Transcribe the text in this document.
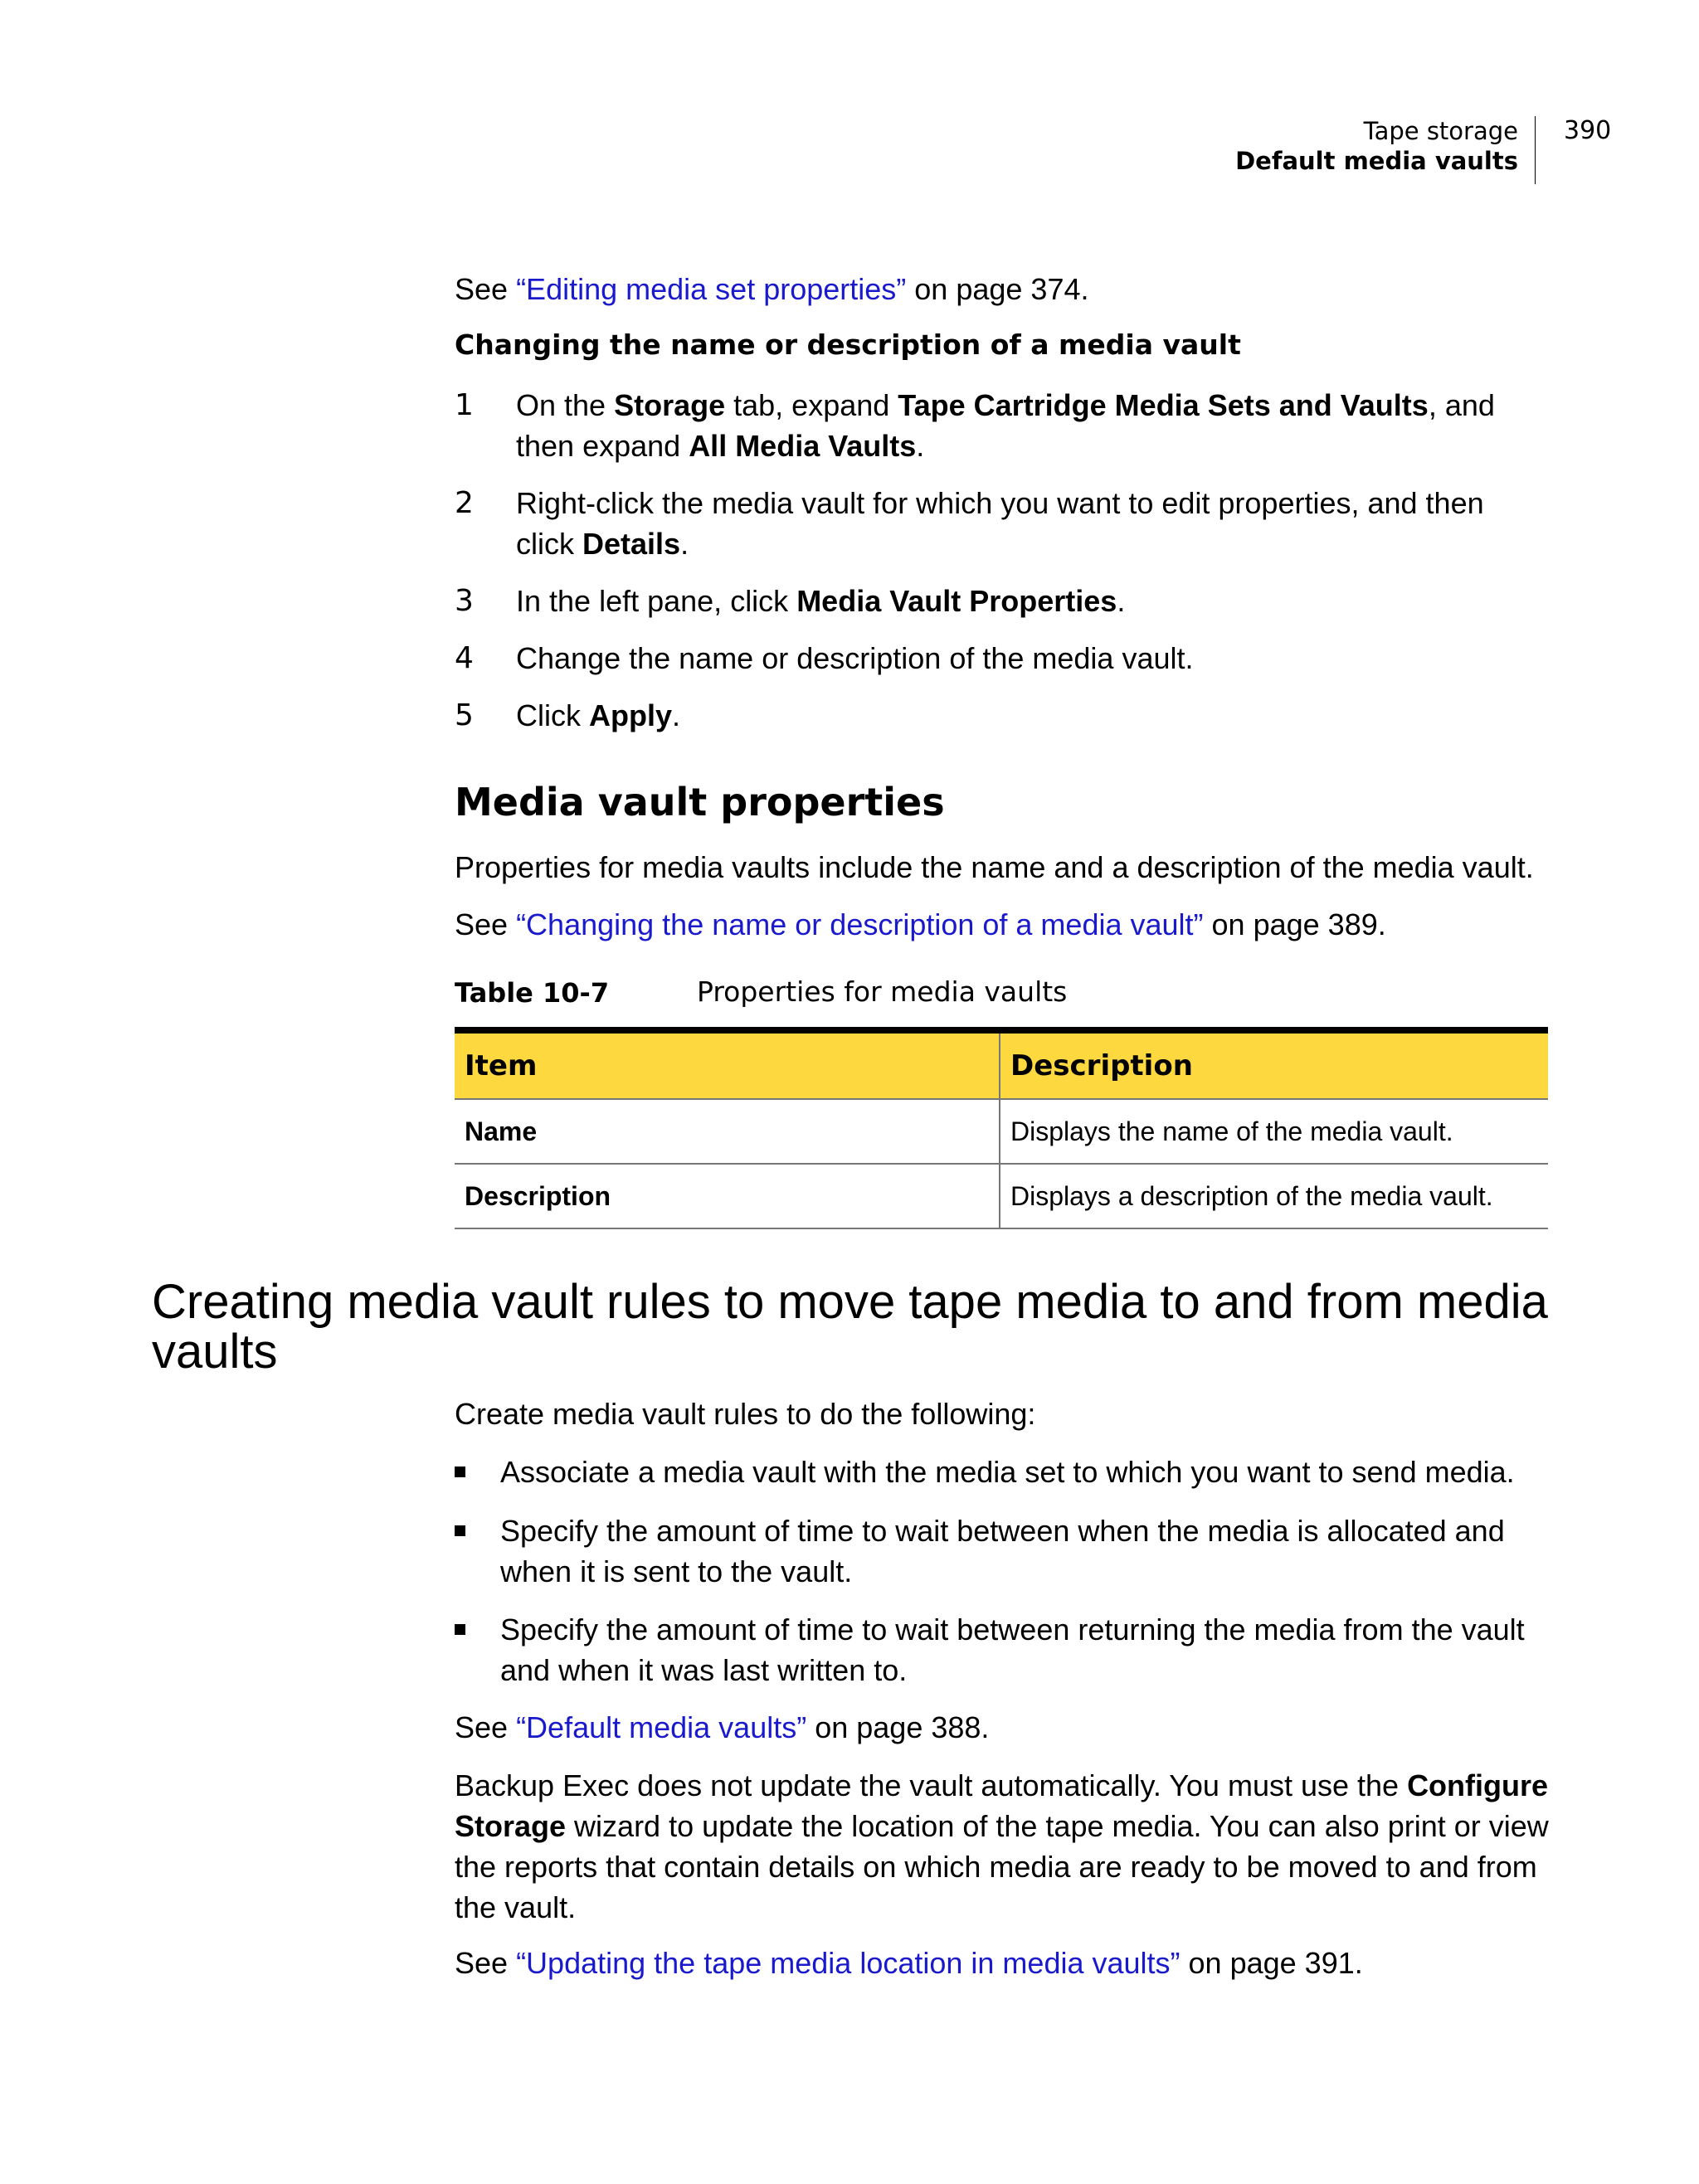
Tape storage
Default media vaults
390
See “Editing media set properties” on page 374.
Changing the name or description of a media vault
1 On the Storage tab, expand Tape Cartridge Media Sets and Vaults, and then expand All Media Vaults.
2 Right-click the media vault for which you want to edit properties, and then click Details.
3 In the left pane, click Media Vault Properties.
4 Change the name or description of the media vault.
5 Click Apply.
Media vault properties
Properties for media vaults include the name and a description of the media vault.
See “Changing the name or description of a media vault” on page 389.
Table 10-7	Properties for media vaults
Item	Description
Name	Displays the name of the media vault.
Description	Displays a description of the media vault.
Creating media vault rules to move tape media to and from media vaults
Create media vault rules to do the following:
Associate a media vault with the media set to which you want to send media.
Specify the amount of time to wait between when the media is allocated and when it is sent to the vault.
Specify the amount of time to wait between returning the media from the vault and when it was last written to.
See “Default media vaults” on page 388.
Backup Exec does not update the vault automatically. You must use the Configure Storage wizard to update the location of the tape media. You can also print or view the reports that contain details on which media are ready to be moved to and from the vault.
See “Updating the tape media location in media vaults” on page 391.
